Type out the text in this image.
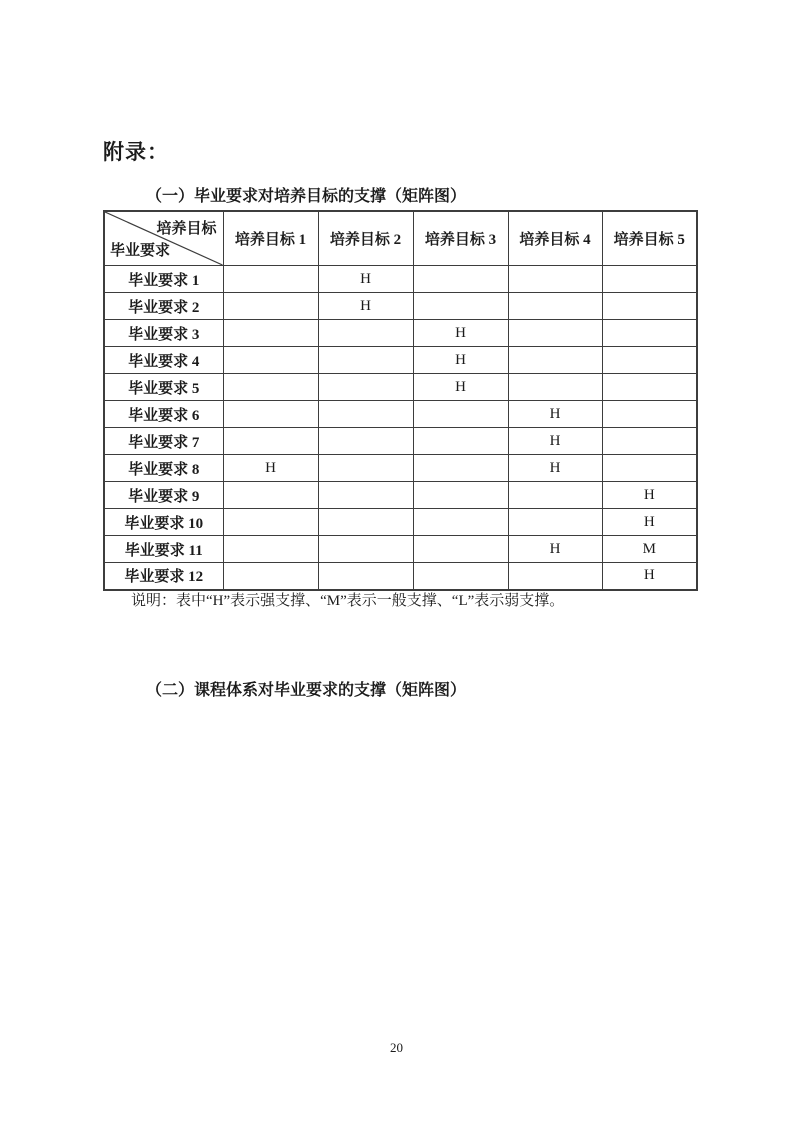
附录：
（一）毕业要求对培养目标的支撑（矩阵图）
培养目标
毕业要求	培养目标 1	培养目标 2	培养目标 3	培养目标 4	培养目标 5
毕业要求 1		H			
毕业要求 2		H			
毕业要求 3			H		
毕业要求 4			H		
毕业要求 5			H		
毕业要求 6				H	
毕业要求 7				H	
毕业要求 8	H			H	
毕业要求 9					H
毕业要求 10					H
毕业要求 11				H	M
毕业要求 12					H

说明：表中“H”表示强支撑、“M”表示一般支撑、“L”表示弱支撑。

（二）课程体系对毕业要求的支撑（矩阵图）
20
